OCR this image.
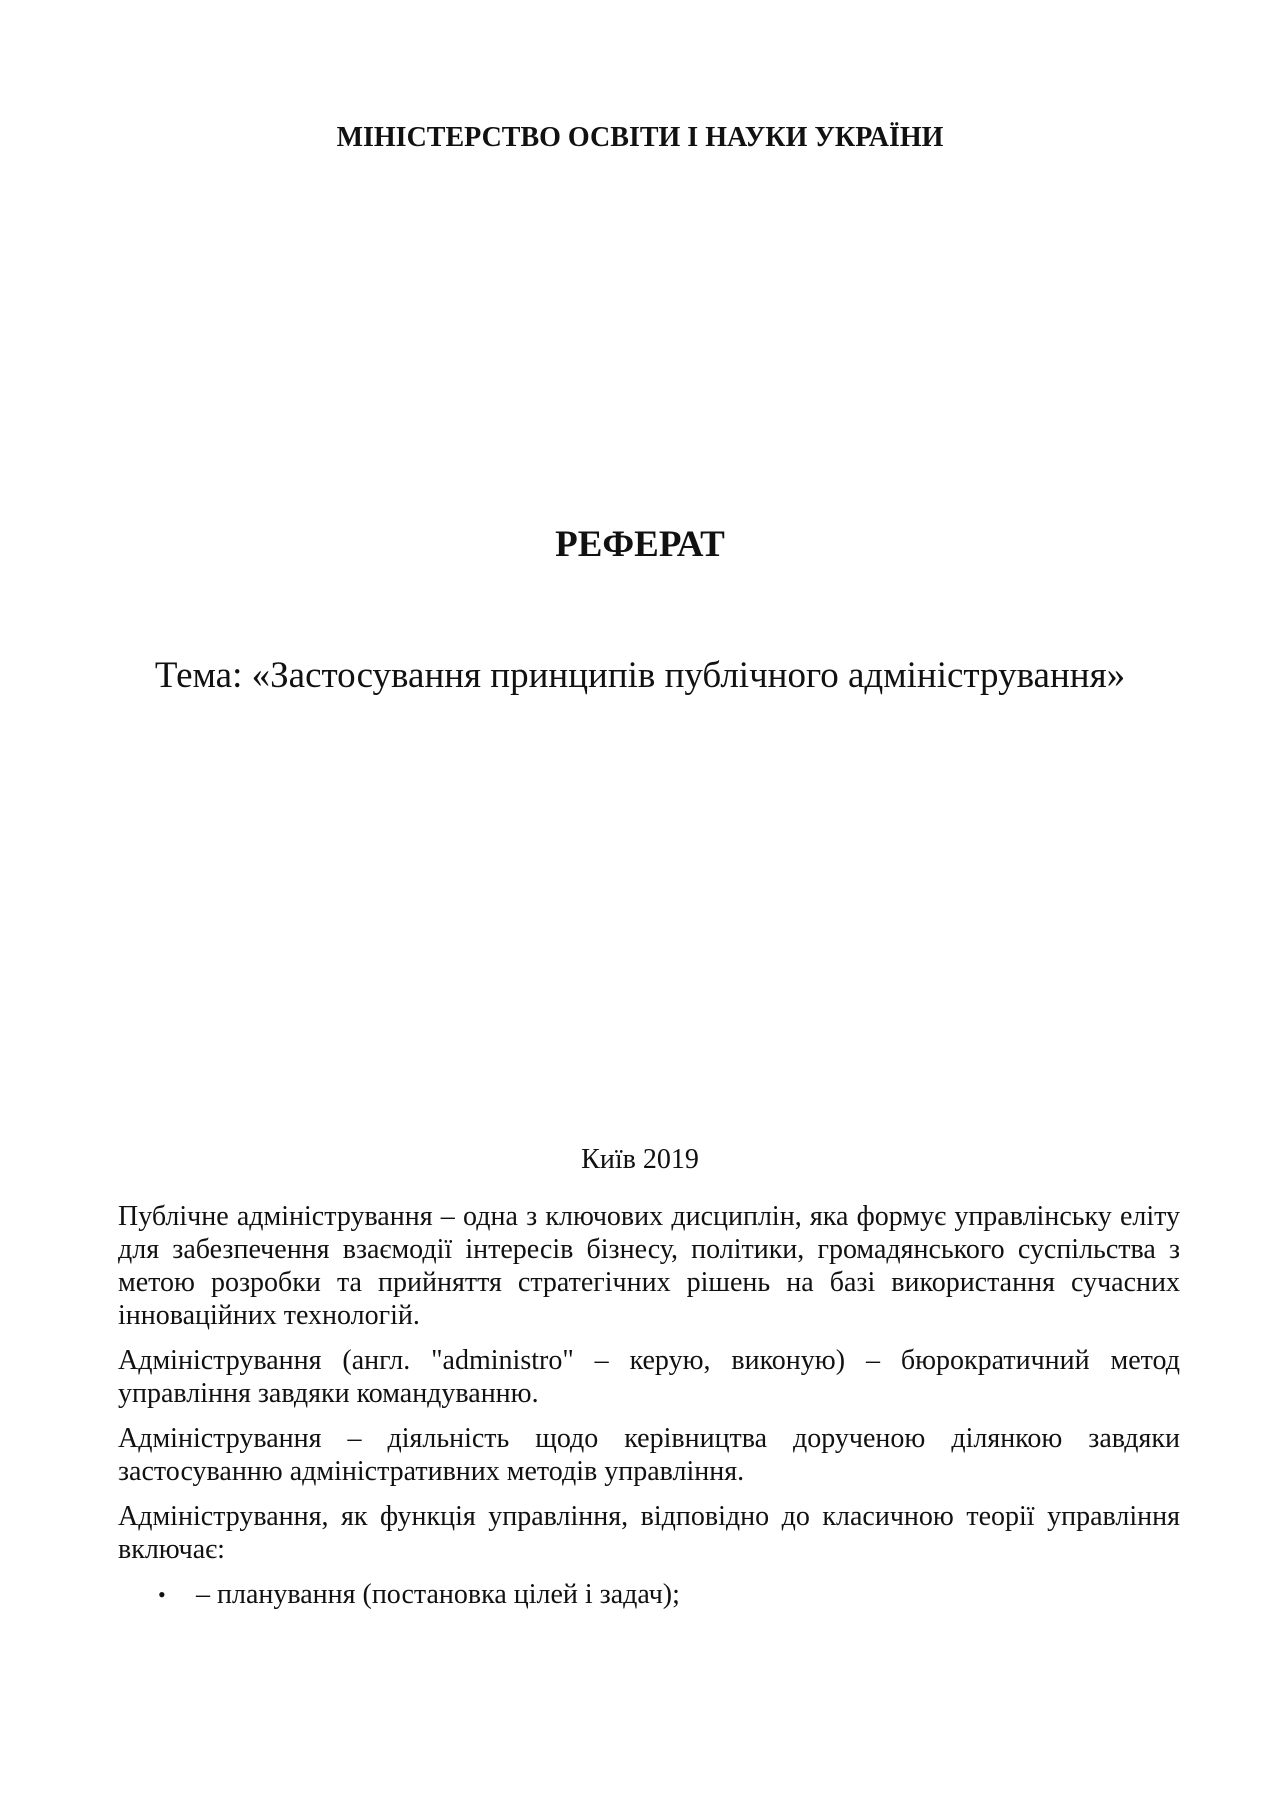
МІНІСТЕРСТВО ОСВІТИ І НАУКИ УКРАЇНИ
РЕФЕРАТ
Тема: «Застосування принципів публічного адміністрування»
Київ 2019

Публічне адміністрування – одна з ключових дисциплін, яка формує управлінську еліту для забезпечення взаємодії інтересів бізнесу, політики, громадянського суспільства з метою розробки та прийняття стратегічних рішень на базі використання сучасних інноваційних технологій.

Адміністрування (англ. "administro" – керую, виконую) – бюрократичний метод управління завдяки командуванню.

Адміністрування – діяльність щодо керівництва дорученою ділянкою завдяки застосуванню адміністративних методів управління.

Адміністрування, як функція управління, відповідно до класичною теорії управління включає:

• – планування (постановка цілей і задач);
